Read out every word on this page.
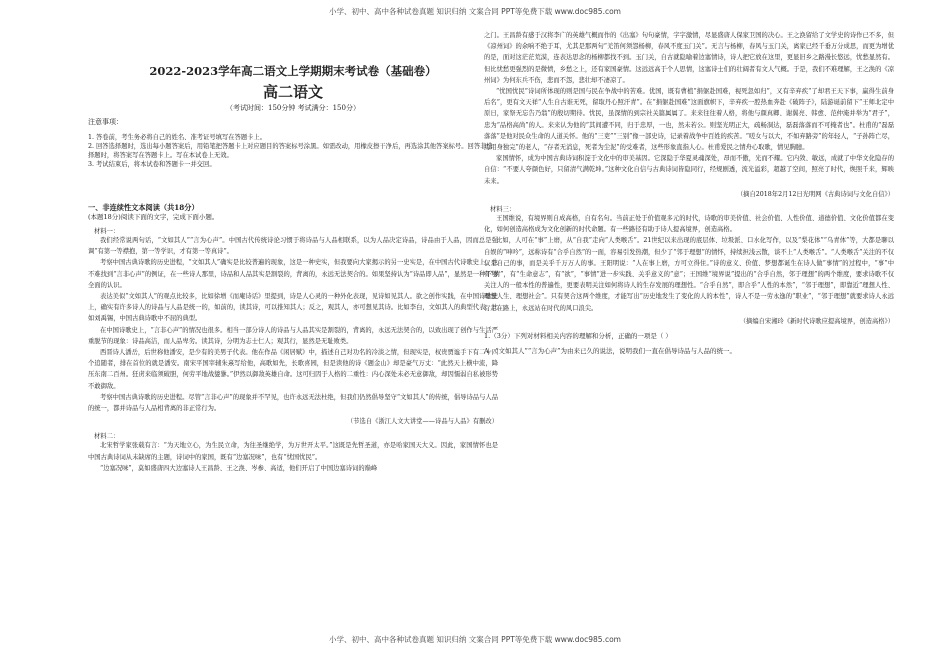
小学、初中、高中各种试卷真题 知识归纳 文案合同 PPT等免费下载 www.doc985.com
2022-2023学年高二语文上学期期末考试卷（基础卷）
高二语文
（考试时间：150分钟 考试满分：150分）
注意事项：
1. 答卷前，考生务必将自己的姓名、准考证号填写在答题卡上。
2. 回答选择题时，选出每小题答案后，用铅笔把答题卡上对应题目的答案标号涂黑。如需改动，用橡皮擦干净后，再选涂其他答案标号。回答非选择题时，将答案写在答题卡上。写在本试卷上无效。
3. 考试结束后，将本试卷和答题卡一并交回。
一、非连续性文本阅读（共18分）
(本题18分)阅读下面的文字，完成下面小题。
材料一：

我们经常说两句话，“文如其人”“言为心声”。中国古代传统诗论习惯于将诗品与人品相联系，以为人品决定诗品，诗品由于人品，因而总是强调“有第一等襟抱，第一等学识，才有第一等真诗”。

考察中国古典诗歌的历史进程，“文如其人”确实是比较普遍的现象，这是一种史实，但我要向大家揭示的另一史实是，在中国古代诗歌史上，也不难找到“言非心声”的例证，在一些诗人那里，诗品和人品其实是割裂的，背离的，永远无法契合的。如果坚持认为“诗品即人品”，显然是一种不够全面的认识。

表达美似“文如其人”的观点比较多，比如徐增《而庵诗话》里提到，诗是人心灵的一种外化表现，见诗如见其人。欲之创作实践，在中国诗歌史上，确实有许多诗人的诗品与人品是统一的，如前的，读其诗，可以推知其人；反之，观其人，亦可想见其诗。比如李白，文如其人的典型代表；比如刘禹锡，中国古典诗歌中不屈的典型。

在中国诗歌史上，“言非心声”的情况也很多。相当一部分诗人的诗品与人品其实是割裂的，背离的，永远无法契合的，以致出现了创作与生活严重脱节的现象：诗品高洁，而人品卑劣。读其诗，分明为志士仁人；观其行，显然是无耻败类。

西晋诗人潘岳，后世称他潘安，是少有的美男子代表。他在作品《闲居赋》中，描述自己对功名的冷淡之情，但现实是，权贵贾谧手下有二十四个追随者，排在首位的就是潘安。南宋平国宰辅朱熹写给他，高歌如先，长歌喜园，但是读他的诗《题金山》却是豪气万丈：“此然天上横中流，降压东南二百州。狂虏来临须破胆，何劳平地战貔貅。”伊然以御敌英雄自命。这可归因于人格的二重性：内心深处未必无意御敌，却因懦弱自私被形势不敢御敌。

考察中国古典诗歌的历史进程。尽管“言非心声”的现象并不罕见，也许永远无法杜绝，但我们仍然倡导坚守“文如其人”的传统，倡导诗品与人品的统一，都并诗品与人品相背离的非正常行为。

（节选自《浙江人文大讲堂——诗品与人品》有删改）
材料二：

北宋哲学家张载有言：“为天地立心，为生民立命，为往圣继绝学，为万世开太平。”这既是先哲圣道，亦是哈家国天大义。因此，家国情怀也是中国古典诗词从未缺席的主题，诗词中的家国，既有“边塞况味”，也有“忧国忧民”。

“边塞况味”，莫如盛唐四大边塞诗人王昌龄、王之涣、岑参、高适，他们开启了中国边塞诗词的巅峰

之门。王昌龄有感于汉将李广的英雄气概而作的《出塞》句句豪情，字字激情，尽显盛唐人保家卫国的决心。王之涣留给了文学史的诗作已不多，但《凉州词》的余响不绝于耳，尤其是那两句“羌笛何须怨杨柳，春风不度玉门关”。无言与杨柳，春风与玉门关，离家已经千垂万分成思，而更为增优的是，面对这茫茫荒漠，连表达思念的杨柳都找不到。玉门关，自古就隐喻着边塞情诗，诗人把它放在这里，更显旧乡之路漫长悠远，忧愁显然有。但比忧愁更强烈的是微愤，乡愁之上，还有家国豪情。这远远高于个人思情，这塞诗士们的壮阔者有文人气概。于是，我们不难理解，王之涣的《凉州词》为何东兵不伤，悲而不怨，悲壮却不凄凉了。

“忧国忧民”诗词所体现的则是国与民在争战中的苦难。优国，既有曹植“捐躯赴国难，视死忽如归”，又有辛弃疾“了却君王天下事，赢得生前身后名”，更有文天祥“人生自古谁无死，留取丹心照汗青”。在“捐躯赴国难”这面旗帜下，辛弃疾一腔热血奔赴《破阵子》，陆游诞前留下“王师北定中原日，家祭无忘告乃翁”的殷切期待。忧民，虽深情的到宗社关篇属属了。来来往往着人格，将他与颜真卿、谢翼亮、韩愈、范仲淹并举为“君子”，忠为“品格高尚”的人。来来认为他的“其间遭不同，归于忠厚，一也，然未若公。则坚光明正大，疏畅洞达，磊磊落落而不可掩者也”。杜甫的“磊磊落落”是他对民众生命的人道关怀。他的“三吏”“三别”像一部史诗，记录着战争中百姓的疾苦。“嗟女与以大，不如弃路旁”的年轻人，“子孙阵亡尽，焉用身独完”的老人，“存者无消息，死者为尘泥”的受难者，这些形象直指人心。杜甫爱民之情舟心取歌，情见胸臆。

家国情怀，成为中国古典诗词积淀于文化中的审美基因。它深隐于华夏灵魂深处，昂而不傲，光而不耀。它内敛、敏远，成就了中华文化隐存的自信：“不要人夸颜色好，只留清气满乾坤。”这种文化自信与古典诗词皆隐同行，经规剧透，流光溢彩，超越了空间，照亮了时代，焕照千来，辉映未来。

（摘自2018年2月12日光明网《古典诗词与文化自信》）
材料三：

王国维说，有境界则自成高格，自有名句。当前正处于价值观多元的时代，诗歌的审美价值、社会价值、人性价值、道德价值、文化价值都在变化，如何创造高格成为文化创新的时代命题。有一些路径有助于诗人提高境界，创造高格。

比如，人可在“事”上磨，从“自我”走向“人类喉舌”。21世纪以来出现的底层体、垃圾派、口水化写作，以及“梨花体”“乌青体”等，大都是聊以自娱的“呻吟”，远称诗有“合乎自然”的一面，容易引发热潮，但少了“邻于理想”的情怀，持续担浅云散，谈不上“人类喉舌”。“人类喉舌”关注的不仅仅是自己的事，而是关乎千万万人的事。王阳明说：“人在事上磨，方可立得住。”诗的意义、价值、梦想都诞生在诗人做“事情”的过程中，“事”中有“情”，有“生命意志”，有“欲”，“事情”进一步实践、关乎意义的“意”；王国维“境界说”提出的“合乎自然，邻于理想”的两个维度，要求诗歌不仅关注人的一般本性的普遍性，更要表明关注如何将诗人的生存发展的理想性。“合乎自然”，即合乎“人性的本然”，“邻于理想”，即靠近“理想人性、理想人生、理想社会”。只有契合这两个维度，才能写出“历史地发生了变化的人的本性”，诗人不是一劳永逸的“职业”，“邻于理想”就要求诗人永远行走在路上，永远站在时代的风口浪尖。

（摘编自宋湘玲《新时代诗歌应提高境界，创造高格》）
1.（3分）下列对材料相关内容的理解和分析，正确的一项是（ ）
A．“文如其人”“言为心声”为由来已久的说法，说明我们一直在倡导诗品与人品的统一。
小学、初中、高中各种试卷真题 知识归纳 文案合同 PPT等免费下载 www.doc985.com
